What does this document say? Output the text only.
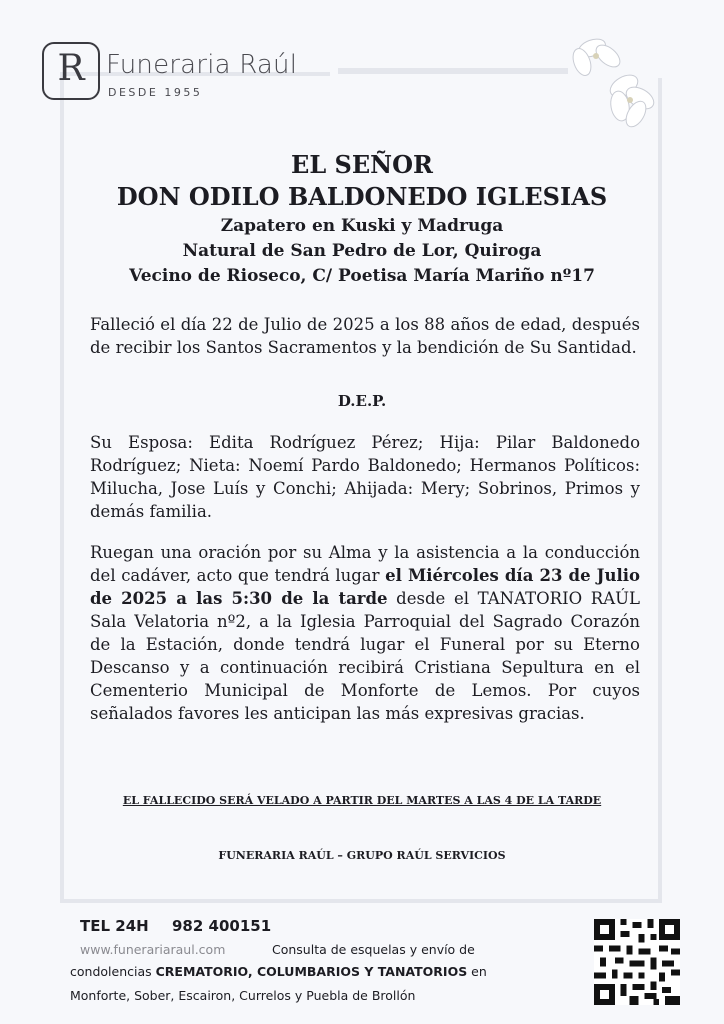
R Funeraria Raúl
DESDE 1955
EL SEÑOR
DON ODILO BALDONEDO IGLESIAS
Zapatero en Kuski y Madruga
Natural de San Pedro de Lor, Quiroga
Vecino de Rioseco, C/ Poetisa María Mariño nº17
Falleció el día 22 de Julio de 2025 a los 88 años de edad, después de recibir los Santos Sacramentos y la bendición de Su Santidad.
D.E.P.
Su Esposa: Edita Rodríguez Pérez; Hija: Pilar Baldonedo Rodríguez; Nieta: Noemí Pardo Baldonedo; Hermanos Políticos: Milucha, Jose Luís y Conchi; Ahijada: Mery; Sobrinos, Primos y demás familia.
Ruegan una oración por su Alma y la asistencia a la conducción del cadáver, acto que tendrá lugar el Miércoles día 23 de Julio de 2025 a las 5:30 de la tarde desde el TANATORIO RAÚL Sala Velatoria nº2, a la Iglesia Parroquial del Sagrado Corazón de la Estación, donde tendrá lugar el Funeral por su Eterno Descanso y a continuación recibirá Cristiana Sepultura en el Cementerio Municipal de Monforte de Lemos. Por cuyos señalados favores les anticipan las más expresivas gracias.
EL FALLECIDO SERÁ VELADO A PARTIR DEL MARTES A LAS 4 DE LA TARDE
FUNERARIA RAÚL – GRUPO RAÚL SERVICIOS
TEL 24H 982 400151
www.funerariaraul.com	Consulta de esquelas y envío de
condolencias CREMATORIO, COLUMBARIOS Y TANATORIOS en
Monforte, Sober, Escairon, Currelos y Puebla de Brollón
